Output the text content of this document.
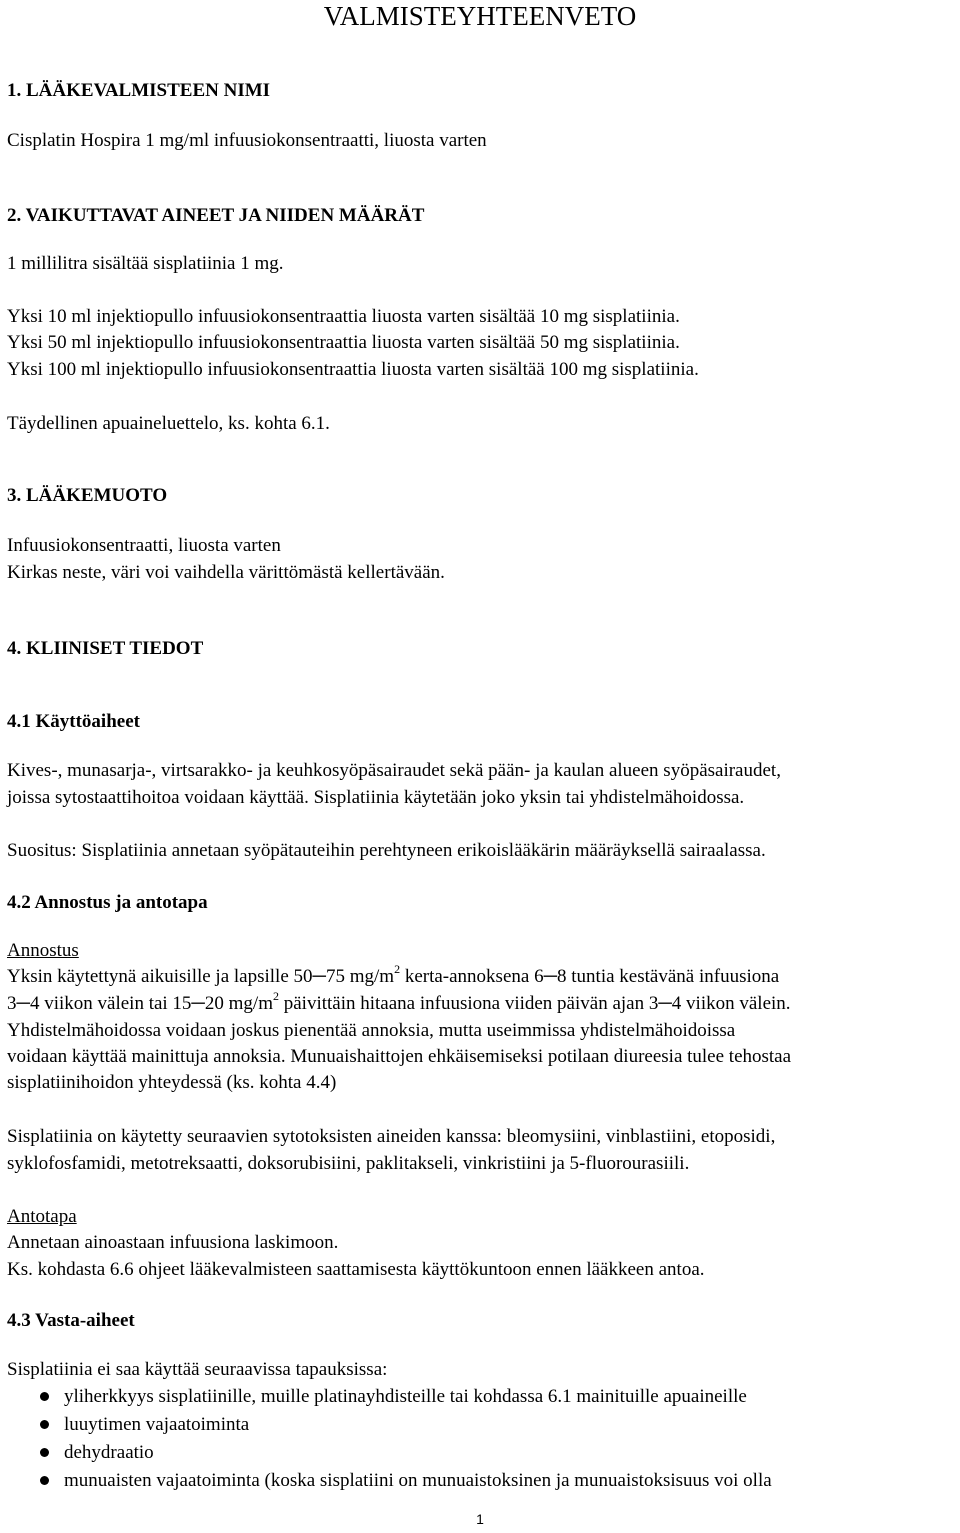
VALMISTEYHTEENVETO

1. LÄÄKEVALMISTEEN NIMI

Cisplatin Hospira 1 mg/ml infuusiokonsentraatti, liuosta varten

2. VAIKUTTAVAT AINEET JA NIIDEN MÄÄRÄT

1 millilitra sisältää sisplatiinia 1 mg.

Yksi 10 ml injektiopullo infuusiokonsentraattia liuosta varten sisältää 10 mg sisplatiinia.

Yksi 50 ml injektiopullo infuusiokonsentraattia liuosta varten sisältää 50 mg sisplatiinia.

Yksi 100 ml injektiopullo infuusiokonsentraattia liuosta varten sisältää 100 mg sisplatiinia.

Täydellinen apuaineluettelo, ks. kohta 6.1.

3. LÄÄKEMUOTO

Infuusiokonsentraatti, liuosta varten

Kirkas neste, väri voi vaihdella värittömästä kellertävään.

4. KLIINISET TIEDOT

4.1 Käyttöaiheet

Kives-, munasarja-, virtsarakko- ja keuhkosyöpäsairaudet sekä pään- ja kaulan alueen syöpäsairaudet,

joissa sytostaattihoitoa voidaan käyttää. Sisplatiinia käytetään joko yksin tai yhdistelmähoidossa.

Suositus: Sisplatiinia annetaan syöpätauteihin perehtyneen erikoislääkärin määräyksellä sairaalassa.

4.2 Annostus ja antotapa

Annostus

Yksin käytettynä aikuisille ja lapsille 50─75 $mg/m^2$ kerta-annoksena 6─8 tuntia kestävänä infuusiona

3─4 viikon välein tai 15─20 $mg/m^2$ päivittäin hitaana infuusiona viiden päivän ajan 3─4 viikon välein.

Yhdistelmähoidossa voidaan joskus pienentää annoksia, mutta useimmissa yhdistelmähoidoissa

voidaan käyttää mainittuja annoksia. Munuaishaittojen ehkäisemiseksi potilaan diureesia tulee tehostaa

sisplatiinihoidon yhteydessä (ks. kohta 4.4)

Sisplatiinia on käytetty seuraavien sytotoksisten aineiden kanssa: bleomysiini, vinblastiini, etoposidi,

syklofosfamidi, metotreksaatti, doksorubisiini, paklitakseli, vinkristiini ja 5-fluorourasiili.

Antotapa

Annetaan ainoastaan infuusiona laskimoon.

Ks. kohdasta 6.6 ohjeet lääkevalmisteen saattamisesta käyttökuntoon ennen lääkkeen antoa.

4.3 Vasta-aiheet

Sisplatiinia ei saa käyttää seuraavissa tapauksissa:

yliherkkyys sisplatiinille, muille platinayhdisteille tai kohdassa 6.1 mainituille apuaineille
luuytimen vajaatoiminta
dehydraatio
munuaisten vajaatoiminta (koska sisplatiini on munuaistoksinen ja munuaistoksisuus voi olla
1
